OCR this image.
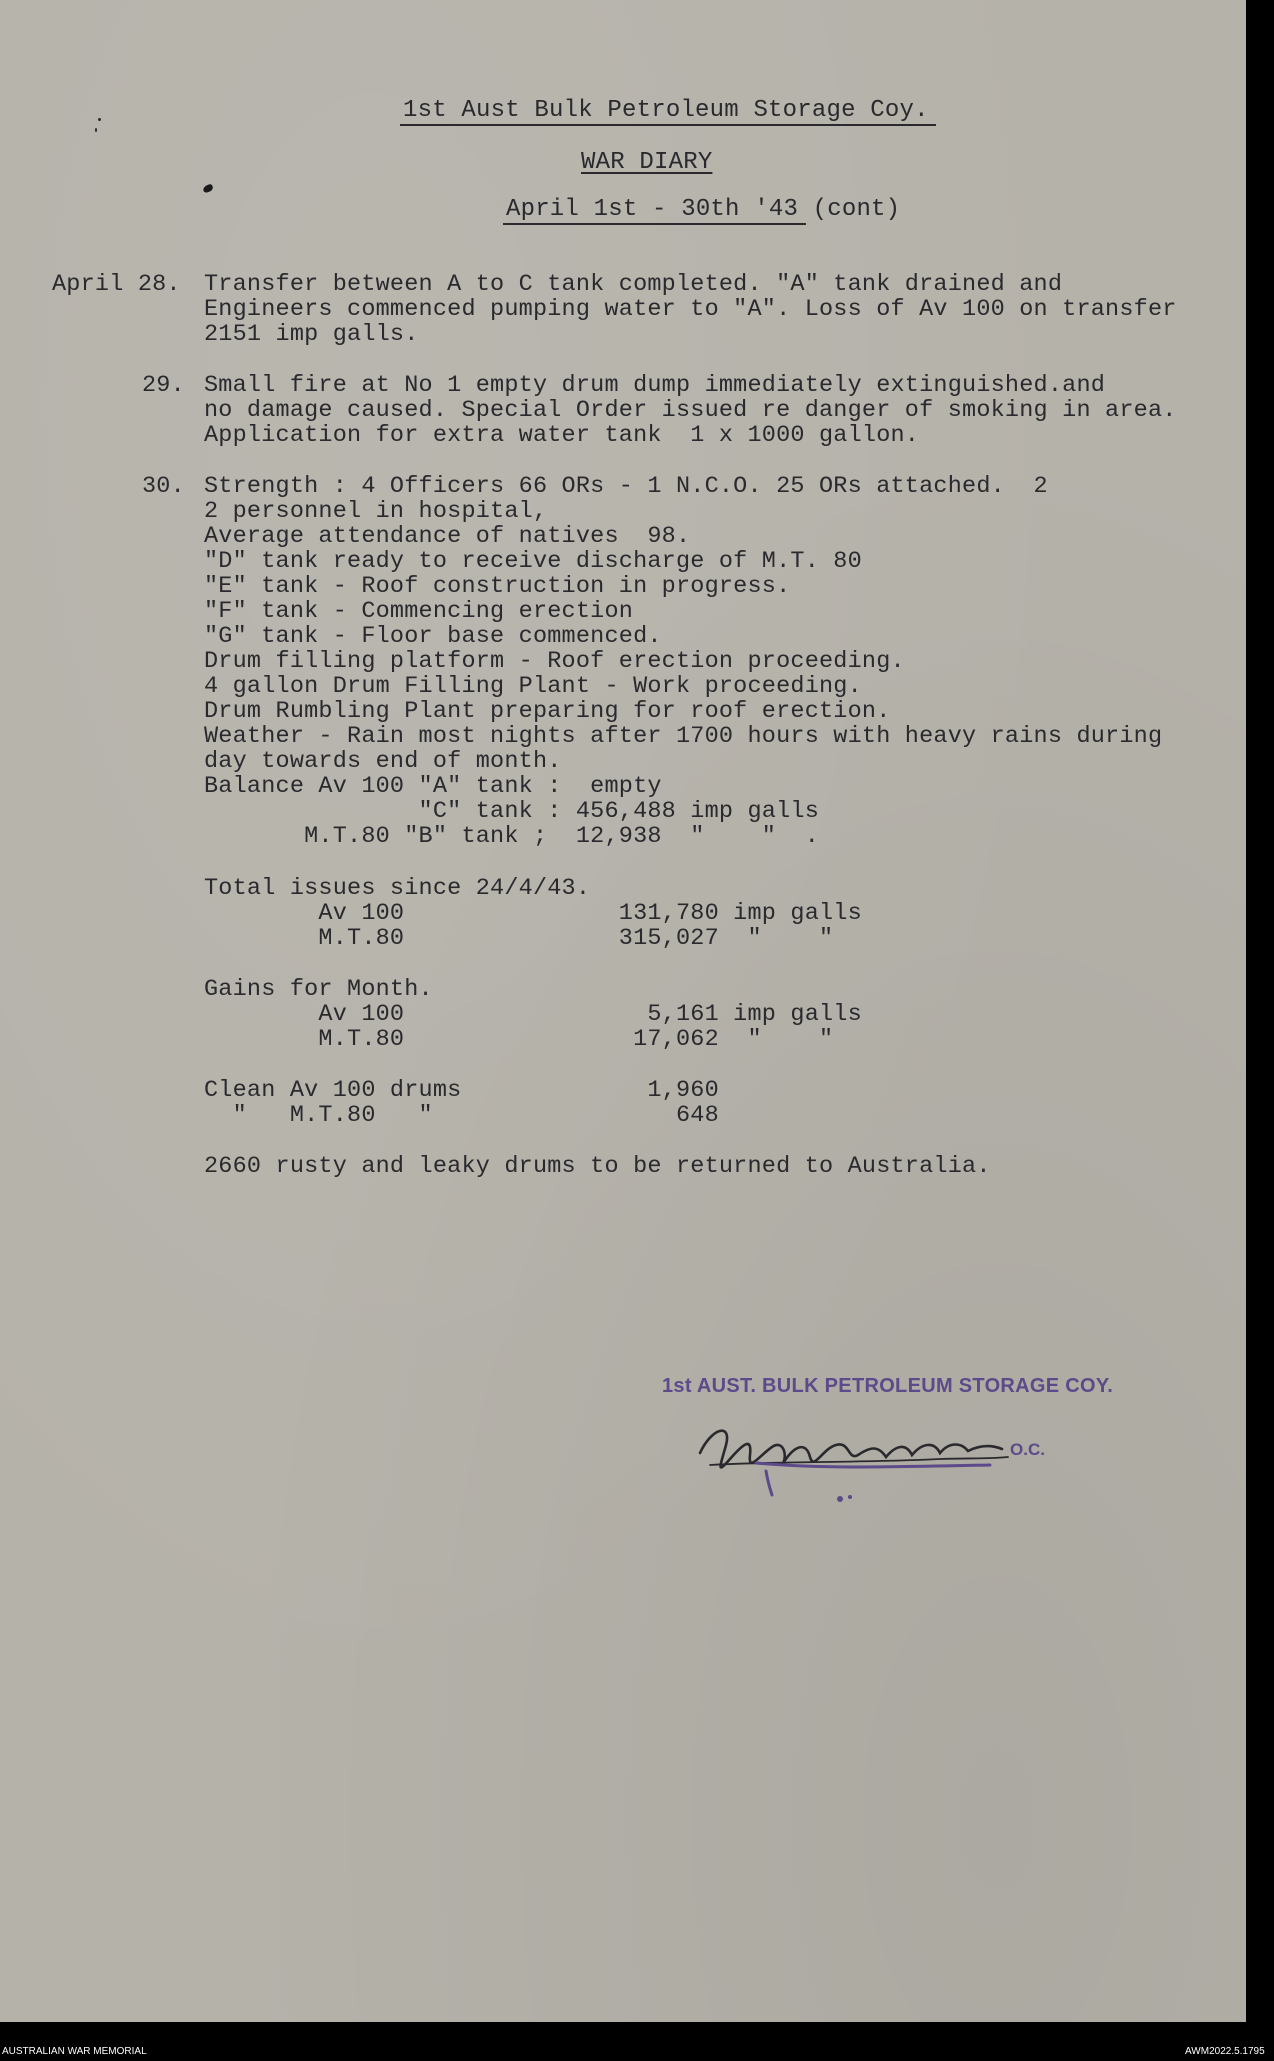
1st Aust Bulk Petroleum Storage Coy.
WAR DIARY
April 1st - 30th '43 (cont)
April 28. Transfer between A to C tank completed. "A" tank drained and
Engineers commenced pumping water to "A". Loss of Av 100 on transfer
2151 imp galls.
29. Small fire at No 1 empty drum dump immediately extinguished.and
no damage caused. Special Order issued re danger of smoking in area.
Application for extra water tank  1 x 1000 gallon.
30. Strength : 4 Officers 66 ORs - 1 N.C.O. 25 ORs attached.  2
2 personnel in hospital,
Average attendance of natives  98.
"D" tank ready to receive discharge of M.T. 80
"E" tank - Roof construction in progress.
"F" tank - Commencing erection
"G" tank - Floor base commenced.
Drum filling platform - Roof erection proceeding.
4 gallon Drum Filling Plant - Work proceeding.
Drum Rumbling Plant preparing for roof erection.
Weather - Rain most nights after 1700 hours with heavy rains during
day towards end of month.
Balance Av 100 "A" tank :  empty
"C" tank : 456,488 imp galls
M.T.80 "B" tank ;  12,938  "    "  .
Total issues since 24/4/43.
Av 100               131,780 imp galls
M.T.80               315,027  "    "
Gains for Month.
Av 100                 5,161 imp galls
M.T.80                17,062  "    "
Clean Av 100 drums             1,960
"   M.T.80   "                 648
2660 rusty and leaky drums to be returned to Australia.
1st AUST. BULK PETROLEUM STORAGE COY.
O.C.
AUSTRALIAN WAR MEMORIAL	AWM2022.5.1795
